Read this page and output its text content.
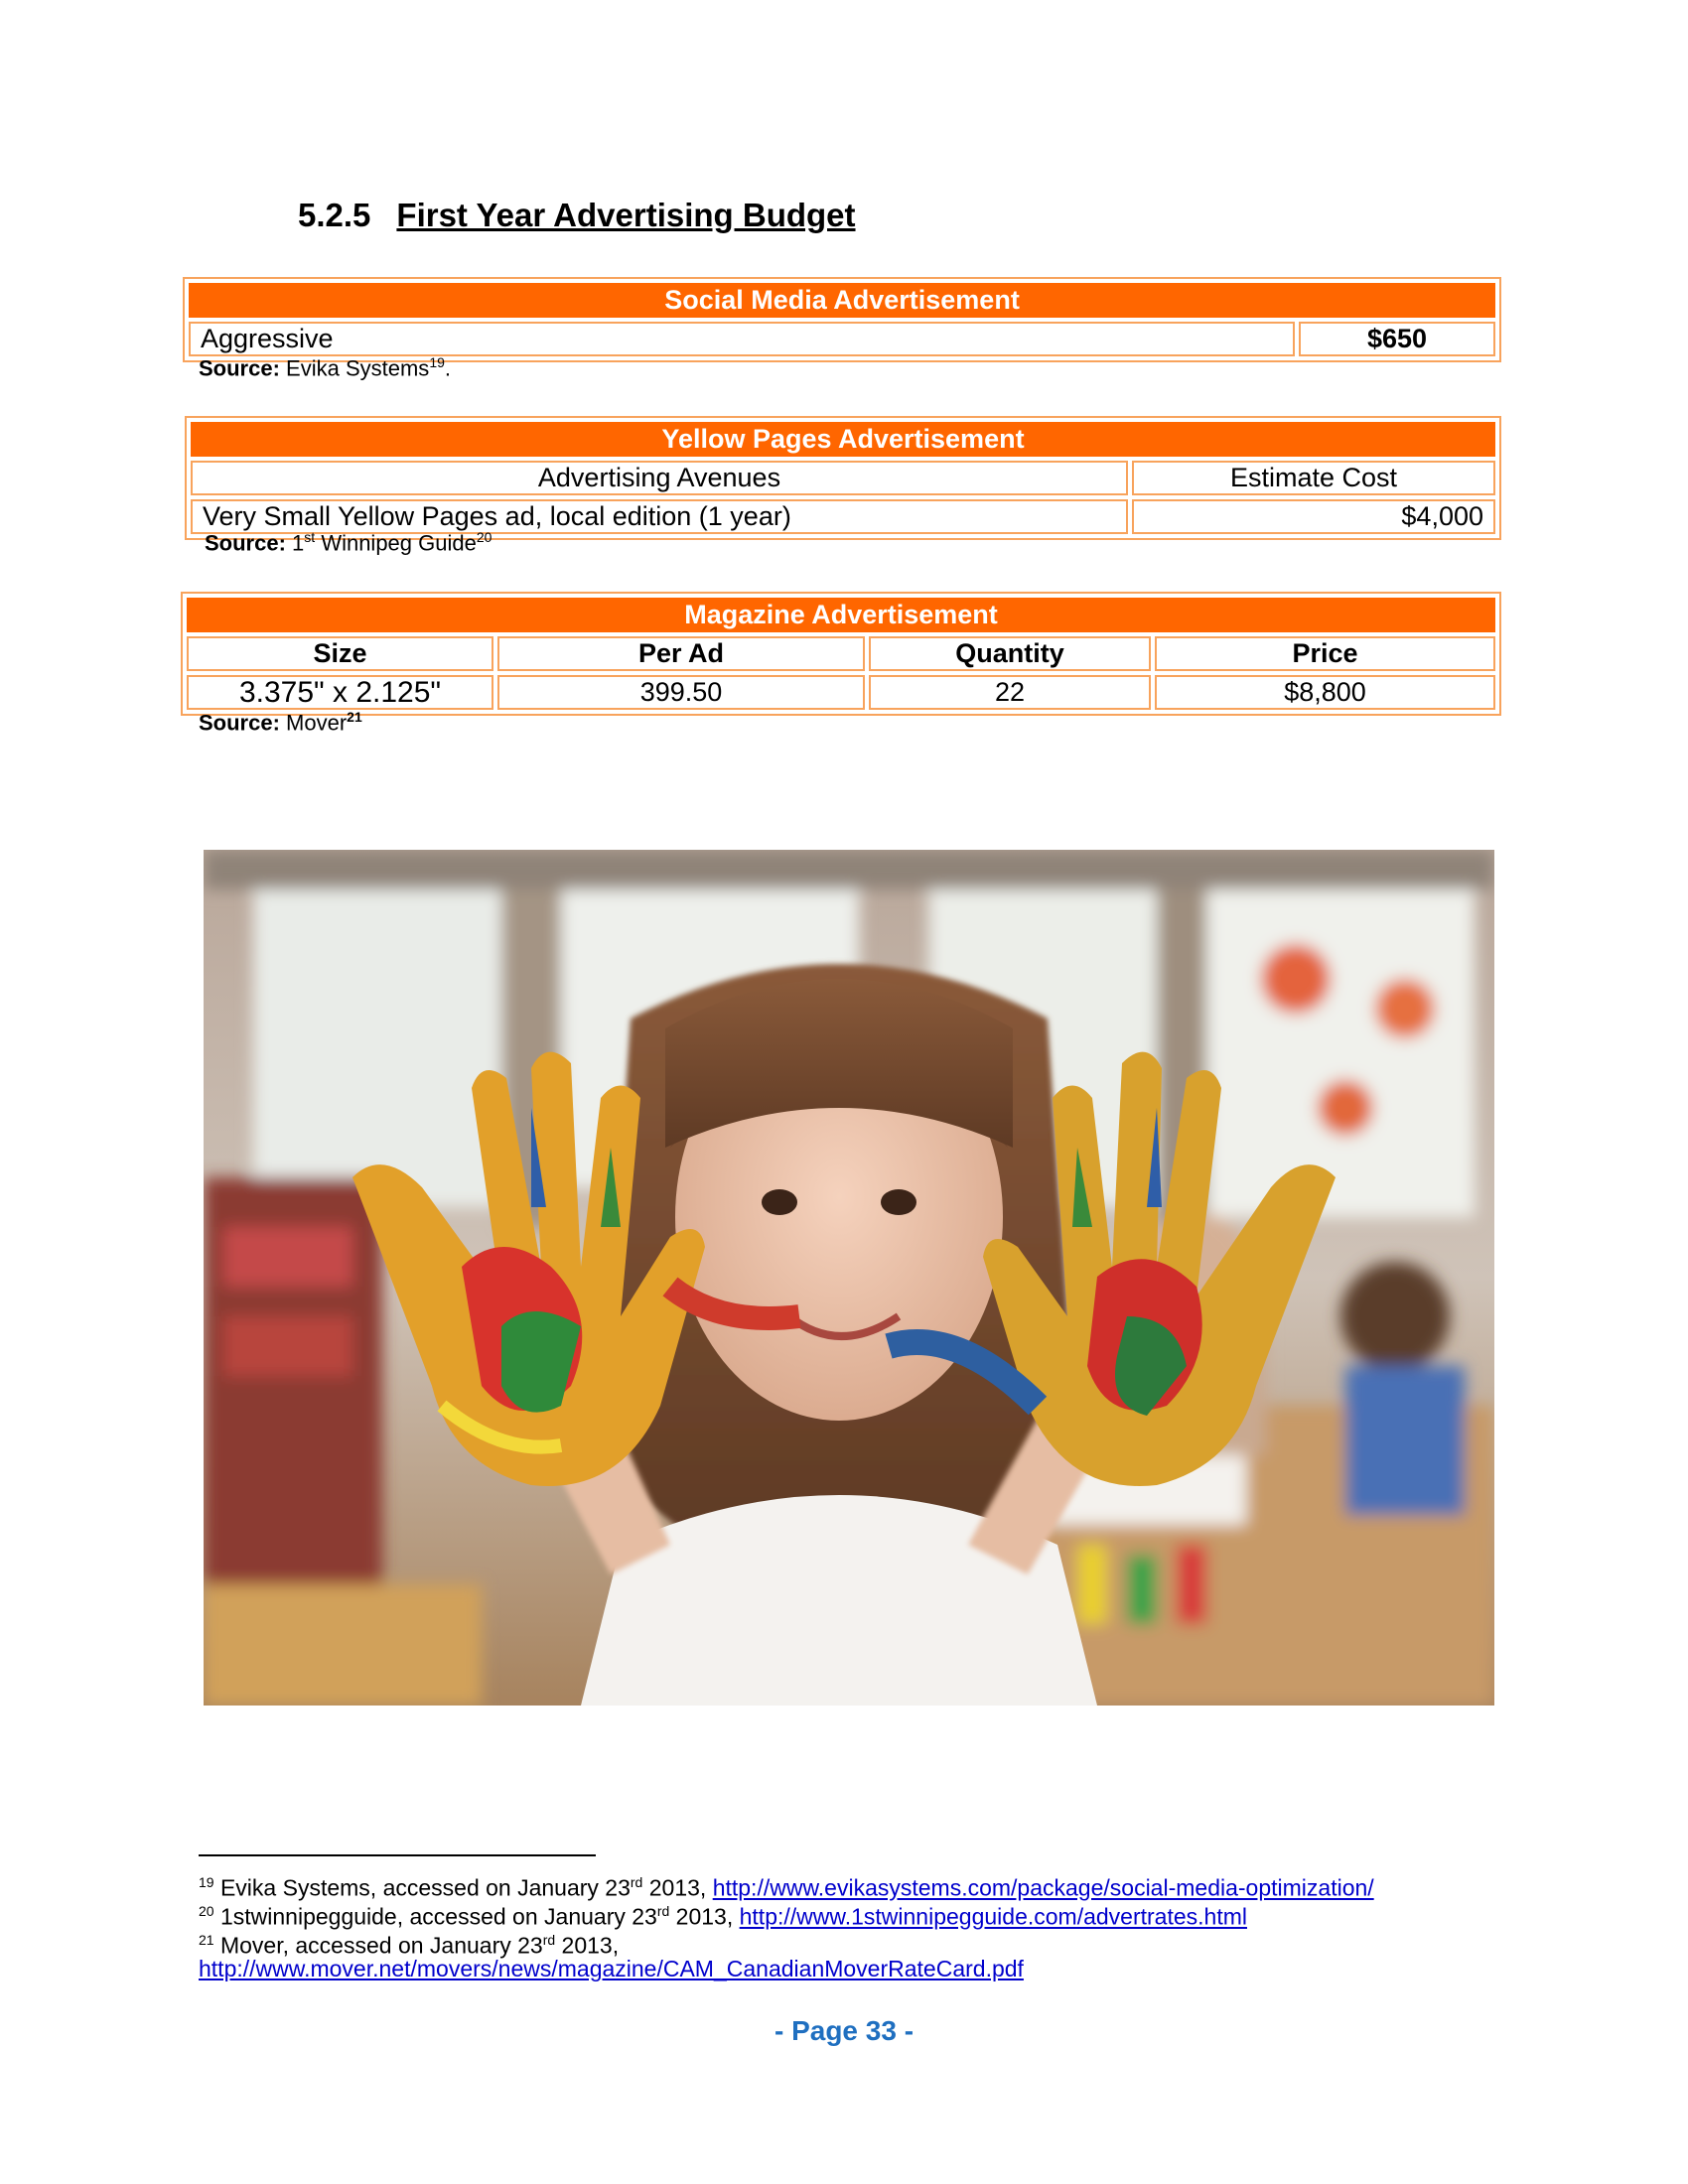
5.2.5 First Year Advertising Budget
Social Media Advertisement
Aggressive	$650
Source: Evika Systems$^{19}$.
Yellow Pages Advertisement	
Advertising Avenues	Estimate Cost
Very Small Yellow Pages ad, local edition (1 year)	$4,000
Source: 1st Winnipeg Guide$^{20}$
Magazine Advertisement			
Size	Per Ad	Quantity	Price
3.375" x 2.125"	399.50	22	$8,800
Source: Mover$^{21}$
$^{19}$ Evika Systems, accessed on January 23rd 2013, http://www.evikasystems.com/package/social-media-optimization/
$^{20}$ 1stwinnipegguide, accessed on January 23rd 2013, http://www.1stwinnipegguide.com/advertrates.html
$^{21}$ Mover, accessed on January 23rd 2013,
http://www.mover.net/movers/news/magazine/CAM_CanadianMoverRateCard.pdf
- Page 33 -
